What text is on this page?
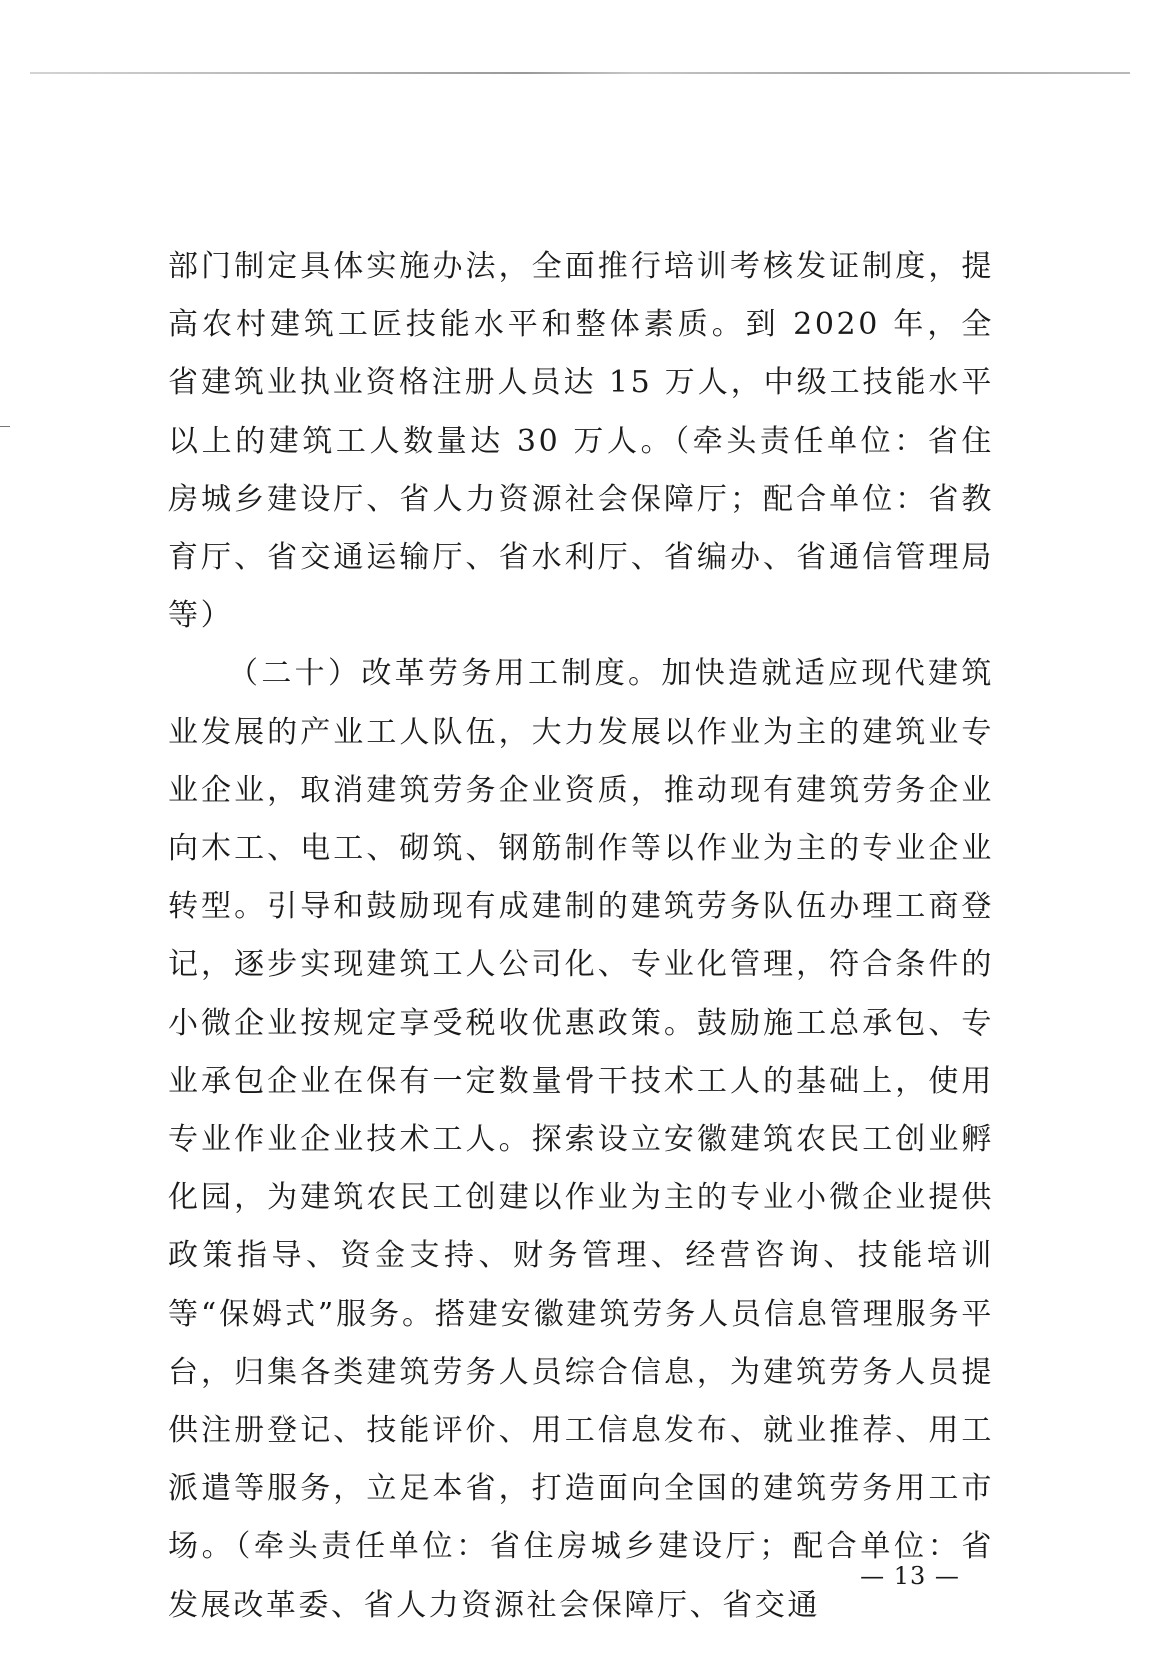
部门制定具体实施办法，全面推行培训考核发证制度，提高农村建筑工匠技能水平和整体素质。到 2020 年，全省建筑业执业资格注册人员达 15 万人，中级工技能水平以上的建筑工人数量达 30 万人。（牵头责任单位：省住房城乡建设厅、省人力资源社会保障厅；配合单位：省教育厅、省交通运输厅、省水利厅、省编办、省通信管理局等）

（二十）改革劳务用工制度。加快造就适应现代建筑业发展的产业工人队伍，大力发展以作业为主的建筑业专业企业，取消建筑劳务企业资质，推动现有建筑劳务企业向木工、电工、砌筑、钢筋制作等以作业为主的专业企业转型。引导和鼓励现有成建制的建筑劳务队伍办理工商登记，逐步实现建筑工人公司化、专业化管理，符合条件的小微企业按规定享受税收优惠政策。鼓励施工总承包、专业承包企业在保有一定数量骨干技术工人的基础上，使用专业作业企业技术工人。探索设立安徽建筑农民工创业孵化园，为建筑农民工创建以作业为主的专业小微企业提供政策指导、资金支持、财务管理、经营咨询、技能培训等“保姆式”服务。搭建安徽建筑劳务人员信息管理服务平台，归集各类建筑劳务人员综合信息，为建筑劳务人员提供注册登记、技能评价、用工信息发布、就业推荐、用工派遣等服务，立足本省，打造面向全国的建筑劳务用工市场。（牵头责任单位：省住房城乡建设厅；配合单位：省发展改革委、省人力资源社会保障厅、省交通

— 13 —
